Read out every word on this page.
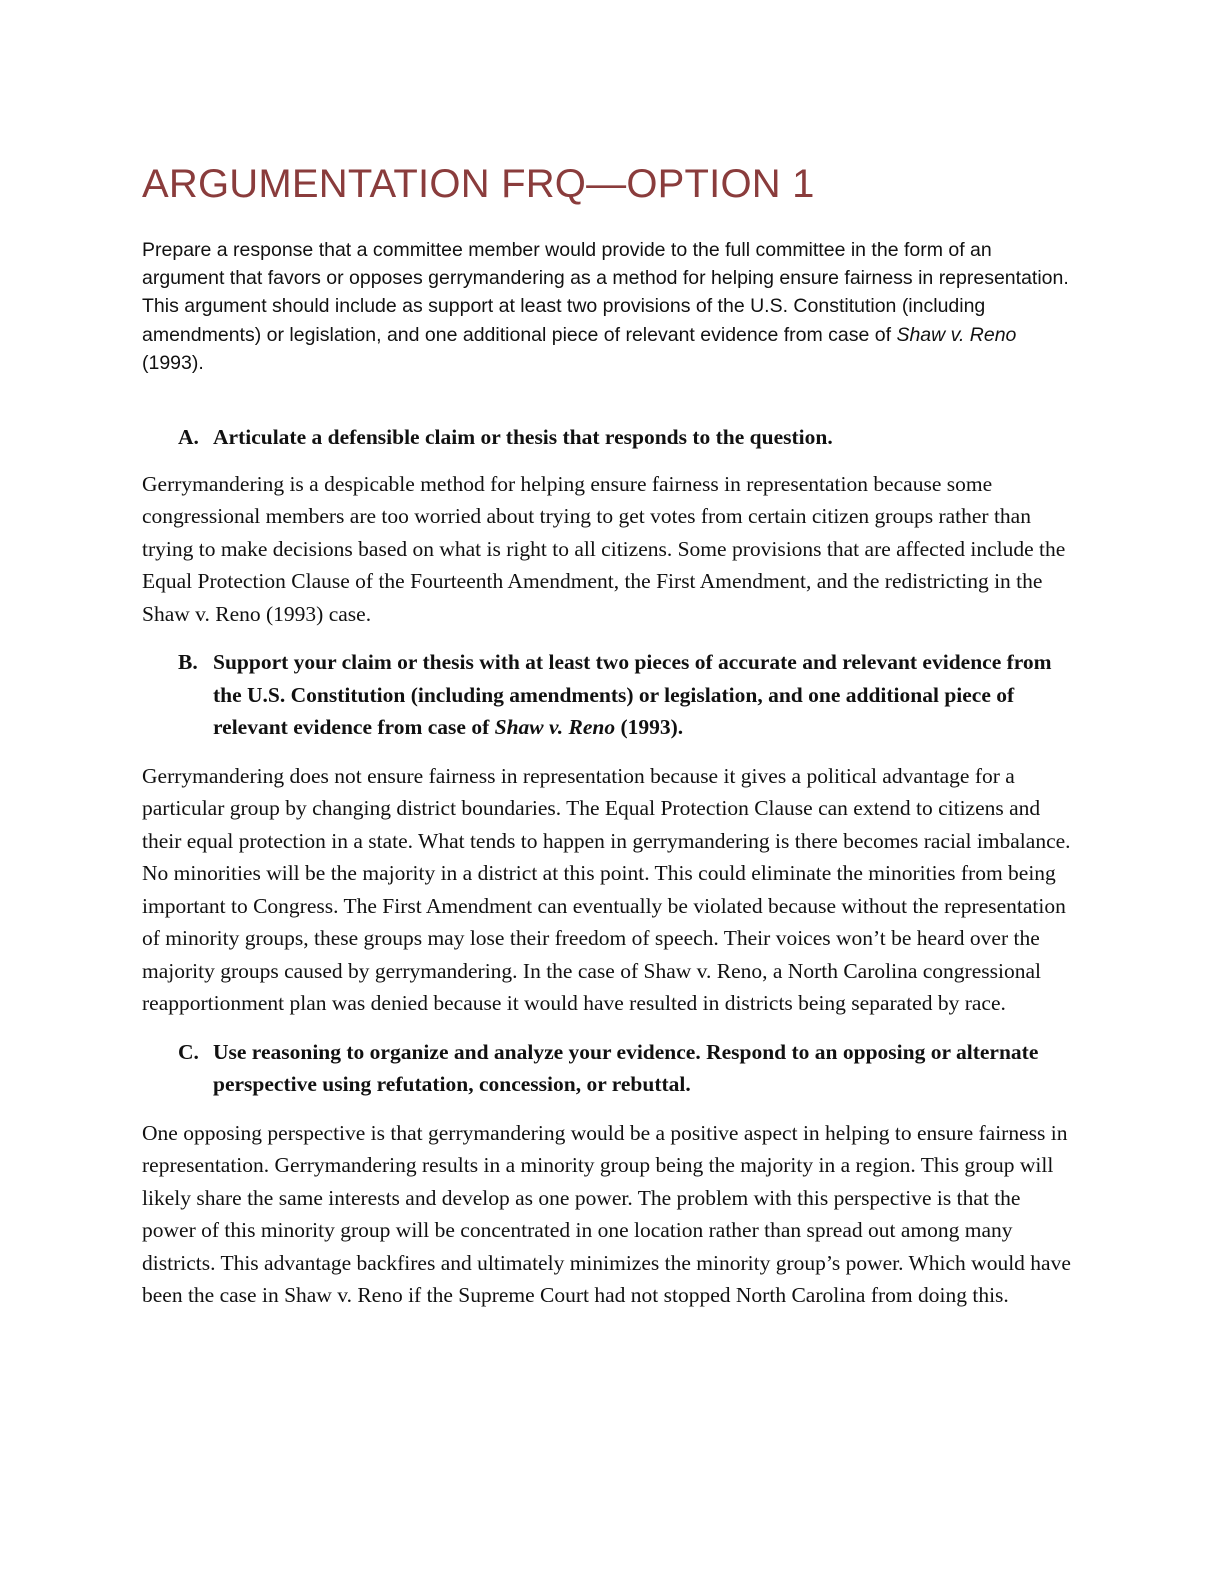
ARGUMENTATION FRQ—OPTION 1

Prepare a response that a committee member would provide to the full committee in the form of an argument that favors or opposes gerrymandering as a method for helping ensure fairness in representation. This argument should include as support at least two provisions of the U.S. Constitution (including amendments) or legislation, and one additional piece of relevant evidence from case of Shaw v. Reno (1993).

A. Articulate a defensible claim or thesis that responds to the question.

Gerrymandering is a despicable method for helping ensure fairness in representation because some congressional members are too worried about trying to get votes from certain citizen groups rather than trying to make decisions based on what is right to all citizens. Some provisions that are affected include the Equal Protection Clause of the Fourteenth Amendment, the First Amendment, and the redistricting in the Shaw v. Reno (1993) case.

B. Support your claim or thesis with at least two pieces of accurate and relevant evidence from the U.S. Constitution (including amendments) or legislation, and one additional piece of relevant evidence from case of Shaw v. Reno (1993).

Gerrymandering does not ensure fairness in representation because it gives a political advantage for a particular group by changing district boundaries. The Equal Protection Clause can extend to citizens and their equal protection in a state. What tends to happen in gerrymandering is there becomes racial imbalance. No minorities will be the majority in a district at this point. This could eliminate the minorities from being important to Congress. The First Amendment can eventually be violated because without the representation of minority groups, these groups may lose their freedom of speech. Their voices won’t be heard over the majority groups caused by gerrymandering. In the case of Shaw v. Reno, a North Carolina congressional reapportionment plan was denied because it would have resulted in districts being separated by race.

C. Use reasoning to organize and analyze your evidence. Respond to an opposing or alternate perspective using refutation, concession, or rebuttal.

One opposing perspective is that gerrymandering would be a positive aspect in helping to ensure fairness in representation. Gerrymandering results in a minority group being the majority in a region. This group will likely share the same interests and develop as one power. The problem with this perspective is that the power of this minority group will be concentrated in one location rather than spread out among many districts. This advantage backfires and ultimately minimizes the minority group’s power. Which would have been the case in Shaw v. Reno if the Supreme Court had not stopped North Carolina from doing this.
